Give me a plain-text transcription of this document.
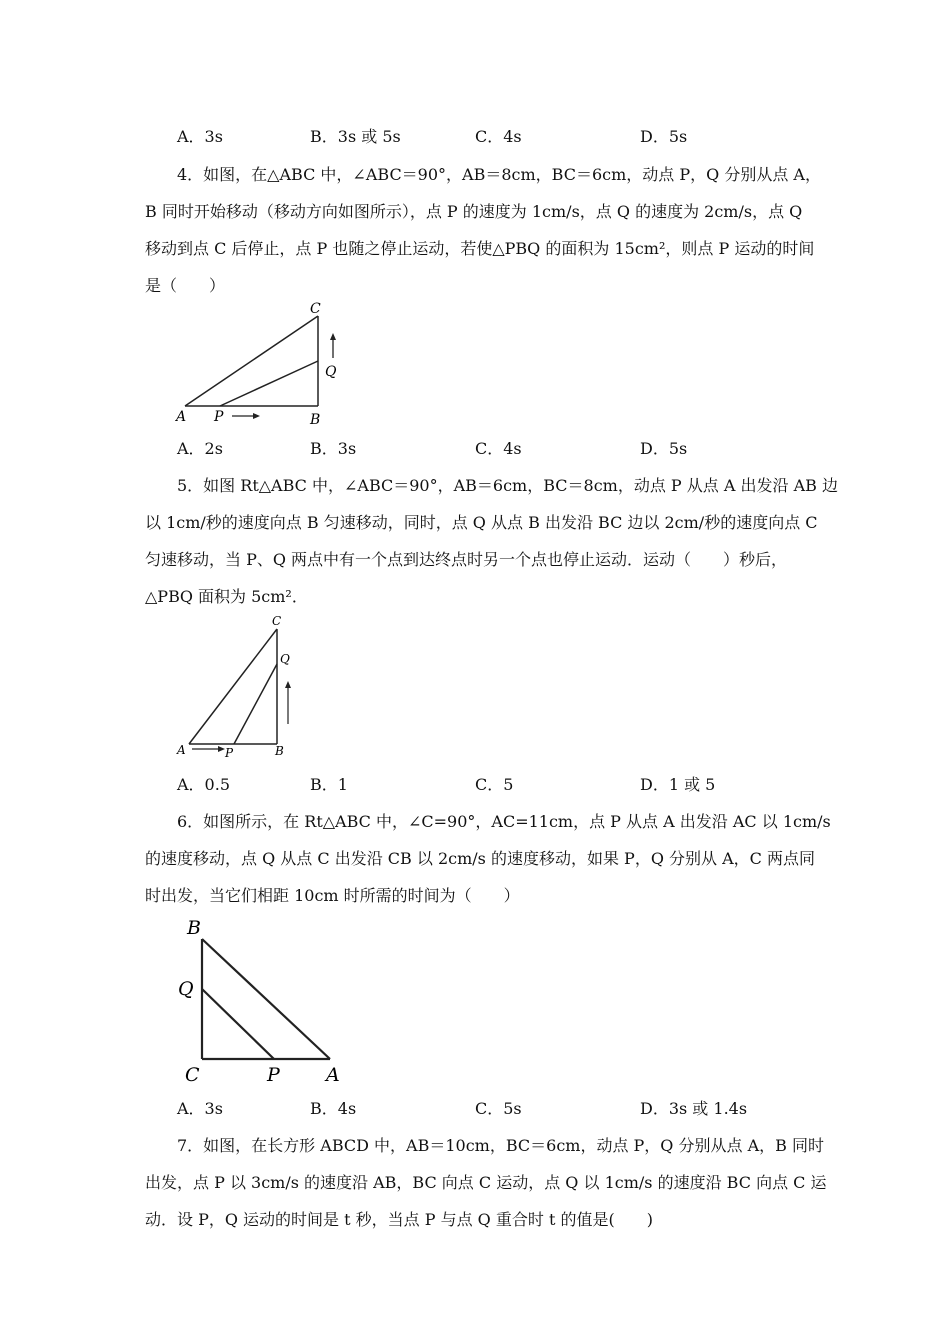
A．3s	B．3s 或 5s	C．4s	D．5s
4．如图，在△ABC 中，∠ABC＝90°，AB＝8cm，BC＝6cm，动点 P，Q 分别从点 A，
B 同时开始移动（移动方向如图所示），点 P 的速度为 1cm/s，点 Q 的速度为 2cm/s，点 Q
移动到点 C 后停止，点 P 也随之停止运动，若使△PBQ 的面积为 15cm²，则点 P 运动的时间
是（　　）
A P	B
C
Q
A．2s	B．3s	C．4s	D．5s
5．如图 Rt△ABC 中，∠ABC＝90°，AB＝6cm，BC＝8cm，动点 P 从点 A 出发沿 AB 边
以 1cm/秒的速度向点 B 匀速移动，同时，点 Q 从点 B 出发沿 BC 边以 2cm/秒的速度向点 C
匀速移动，当 P、Q 两点中有一个点到达终点时另一个点也停止运动．运动（　　）秒后，
△PBQ 面积为 5cm²．
A	P	B
C
Q
A．0.5	B．1	C．5	D．1 或 5
6．如图所示，在 Rt△ABC 中，∠C=90°，AC=11cm，点 P 从点 A 出发沿 AC 以 1cm/s
的速度移动，点 Q 从点 C 出发沿 CB 以 2cm/s 的速度移动，如果 P，Q 分别从 A，C 两点同
时出发，当它们相距 10cm 时所需的时间为（　　）
B
Q
C	P A
A．3s	B．4s	C．5s	D．3s 或 1.4s
7．如图，在长方形 ABCD 中，AB＝10cm，BC＝6cm，动点 P，Q 分别从点 A，B 同时
出发，点 P 以 3cm/s 的速度沿 AB，BC 向点 C 运动，点 Q 以 1cm/s 的速度沿 BC 向点 C 运
动．设 P，Q 运动的时间是 t 秒，当点 P 与点 Q 重合时 t 的值是(　　)
